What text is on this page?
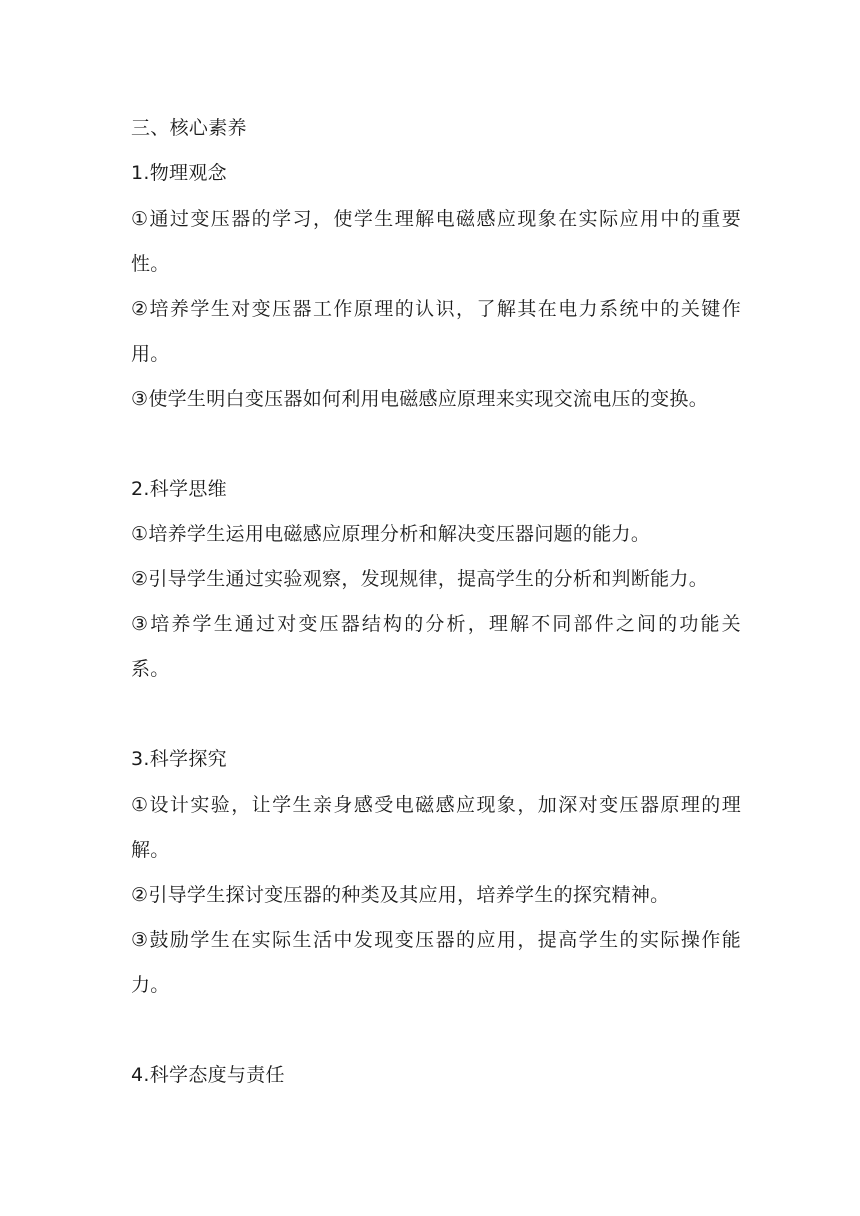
三、核心素养
1.物理观念
①通过变压器的学习，使学生理解电磁感应现象在实际应用中的重要
性。
②培养学生对变压器工作原理的认识，了解其在电力系统中的关键作
用。
③使学生明白变压器如何利用电磁感应原理来实现交流电压的变换。
2.科学思维
①培养学生运用电磁感应原理分析和解决变压器问题的能力。
②引导学生通过实验观察，发现规律，提高学生的分析和判断能力。
③培养学生通过对变压器结构的分析，理解不同部件之间的功能关
系。
3.科学探究
①设计实验，让学生亲身感受电磁感应现象，加深对变压器原理的理
解。
②引导学生探讨变压器的种类及其应用，培养学生的探究精神。
③鼓励学生在实际生活中发现变压器的应用，提高学生的实际操作能
力。
4.科学态度与责任
